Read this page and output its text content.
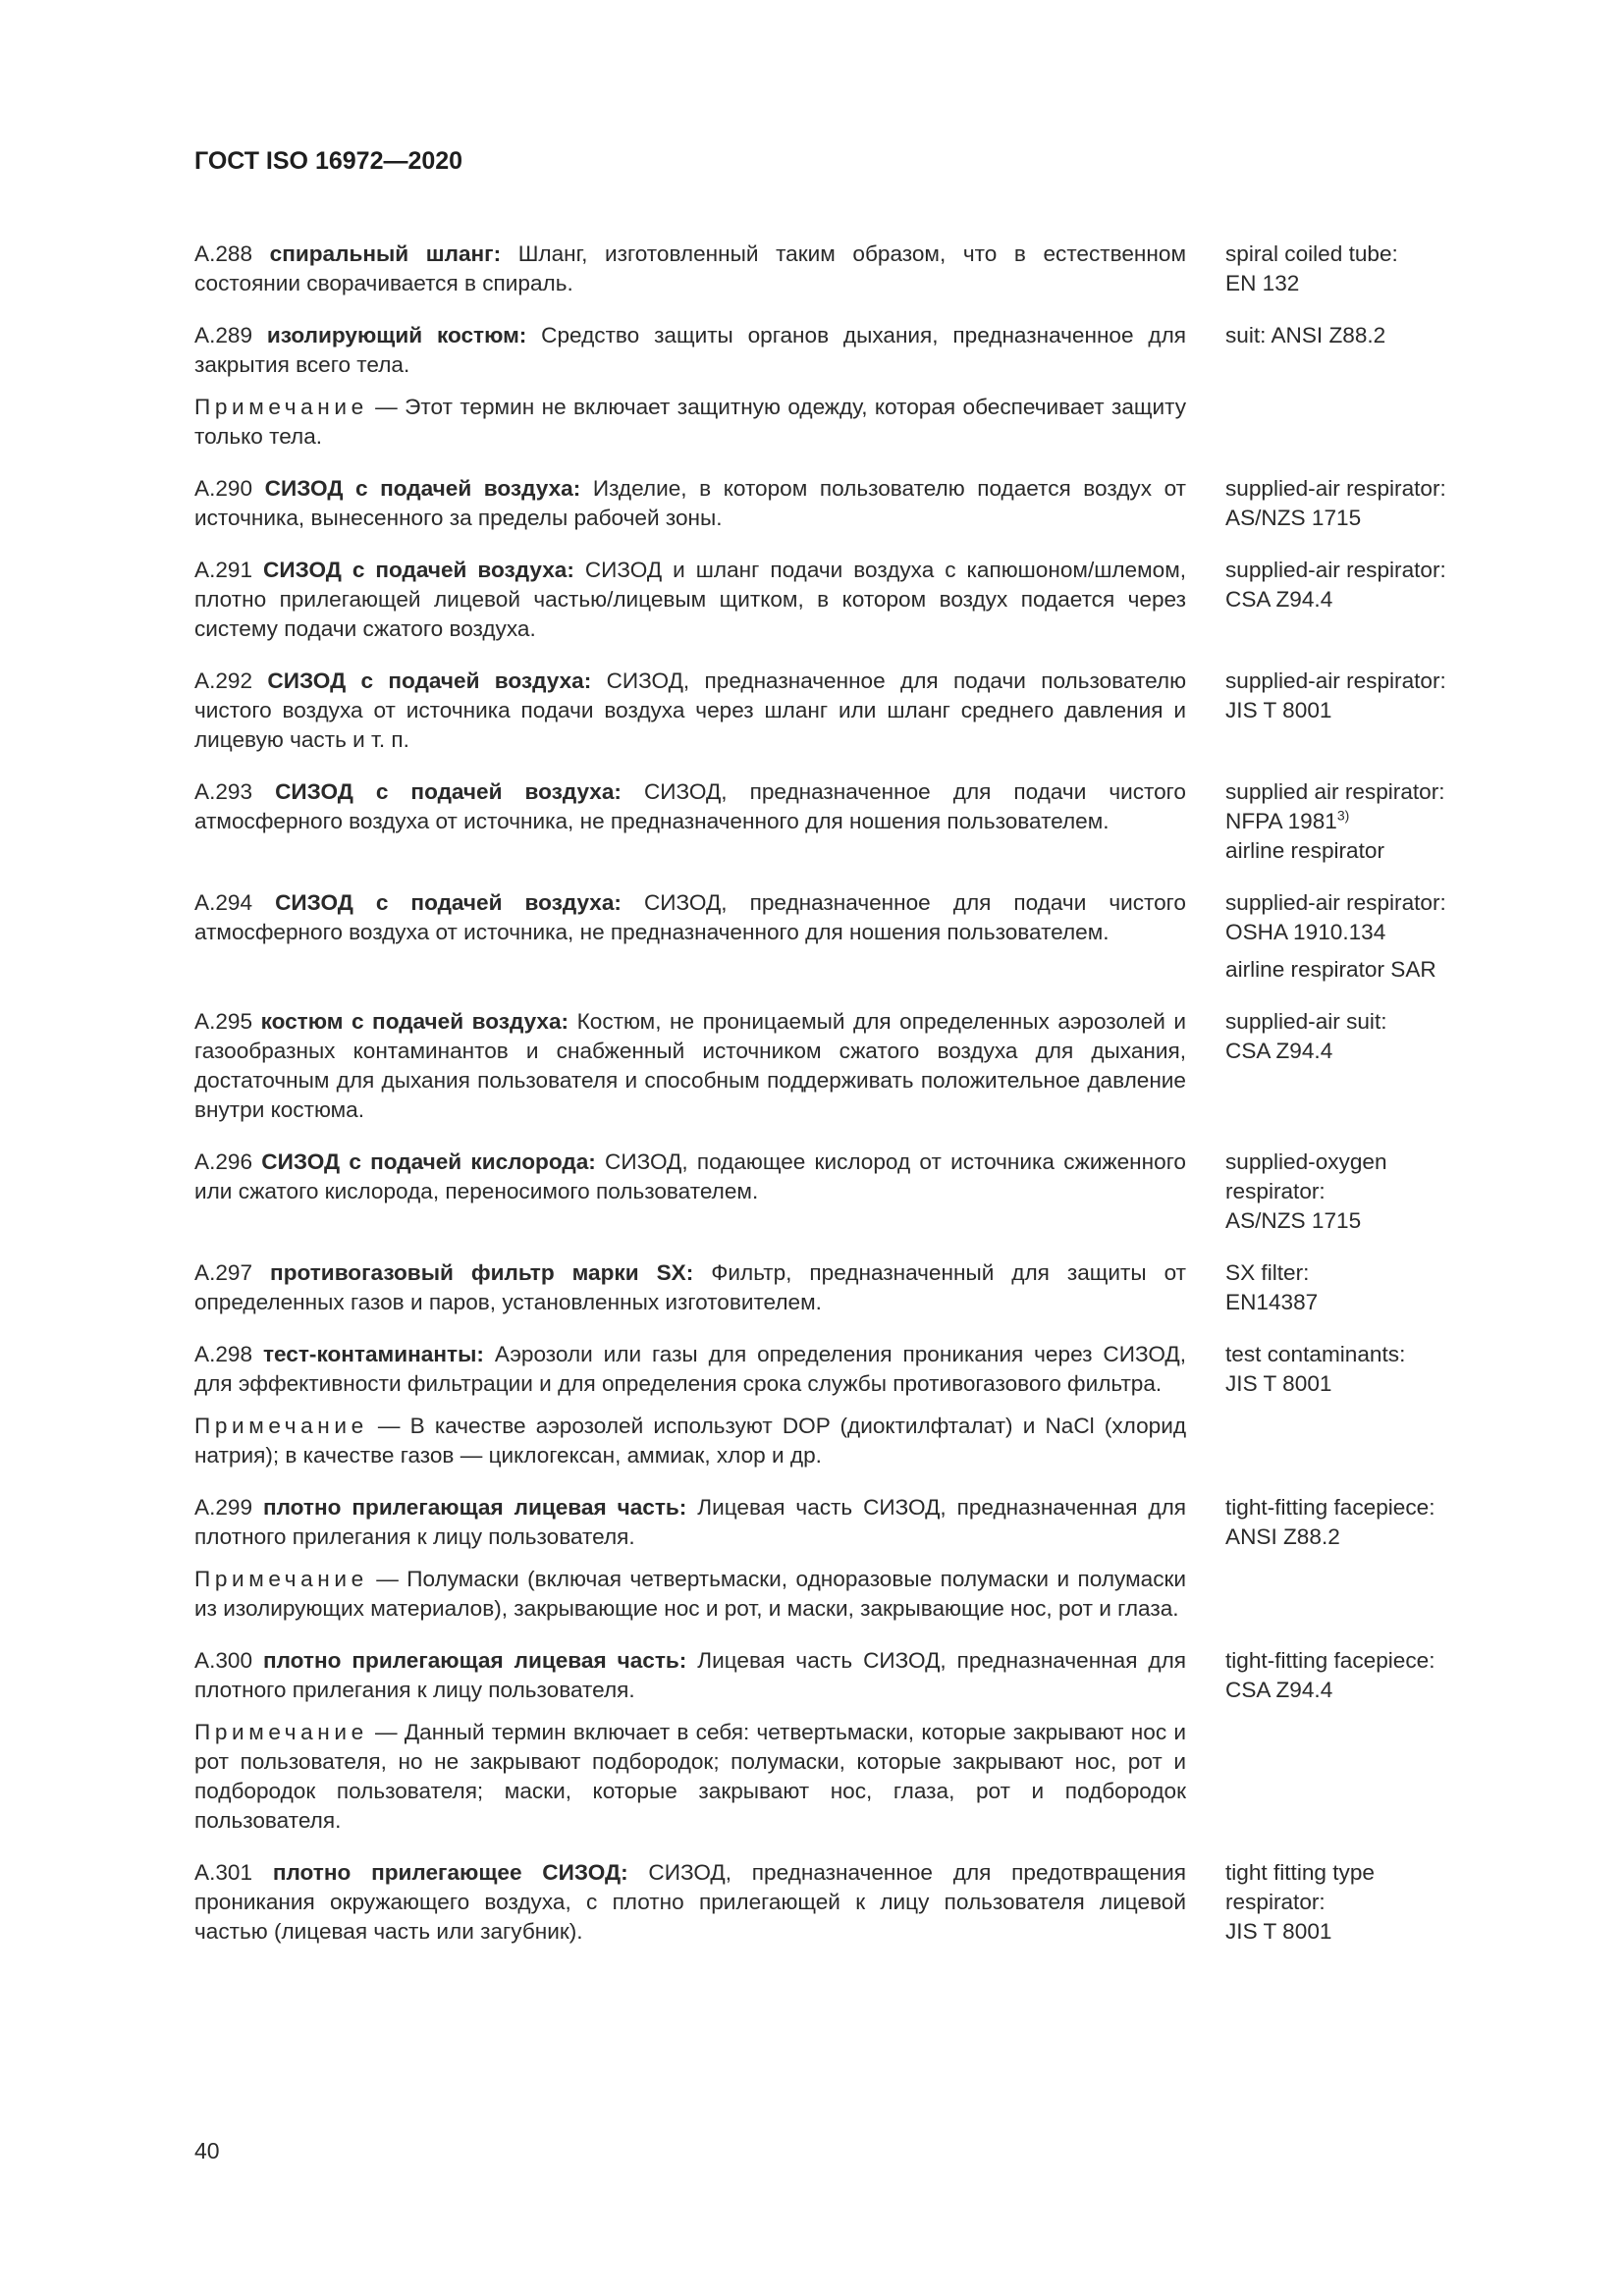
ГОСТ ISO 16972—2020
A.288 спиральный шланг: Шланг, изготовленный таким образом, что в естественном состоянии сворачивается в спираль.
spiral coiled tube:
EN 132
A.289 изолирующий костюм: Средство защиты органов дыхания, предназначенное для закрытия всего тела.
suit: ANSI Z88.2
Примечание — Этот термин не включает защитную одежду, которая обеспечивает защиту только тела.
A.290 СИЗОД с подачей воздуха: Изделие, в котором пользователю подается воздух от источника, вынесенного за пределы рабочей зоны.
supplied-air respirator:
AS/NZS 1715
A.291 СИЗОД с подачей воздуха: СИЗОД и шланг подачи воздуха с капюшоном/шлемом, плотно прилегающей лицевой частью/лицевым щитком, в котором воздух подается через систему подачи сжатого воздуха.
supplied-air respirator:
CSA Z94.4
A.292 СИЗОД с подачей воздуха: СИЗОД, предназначенное для подачи пользователю чистого воздуха от источника подачи воздуха через шланг или шланг среднего давления и лицевую часть и т. п.
supplied-air respirator:
JIS T 8001
A.293 СИЗОД с подачей воздуха: СИЗОД, предназначенное для подачи чистого атмосферного воздуха от источника, не предназначенного для ношения пользователем.
supplied air respirator:
NFPA 1981$^{3)}$
airline respirator
A.294 СИЗОД с подачей воздуха: СИЗОД, предназначенное для подачи чистого атмосферного воздуха от источника, не предназначенного для ношения пользователем.
supplied-air respirator:
OSHA 1910.134
airline respirator SAR
A.295 костюм с подачей воздуха: Костюм, не проницаемый для определенных аэрозолей и газообразных контаминантов и снабженный источником сжатого воздуха для дыхания, достаточным для дыхания пользователя и способным поддерживать положительное давление внутри костюма.
supplied-air suit:
CSA Z94.4
A.296 СИЗОД с подачей кислорода: СИЗОД, подающее кислород от источника сжиженного или сжатого кислорода, переносимого пользователем.
supplied-oxygen
respirator:
AS/NZS 1715
A.297 противогазовый фильтр марки SX: Фильтр, предназначенный для защиты от определенных газов и паров, установленных изготовителем.
SX filter:
EN14387
A.298 тест-контаминанты: Аэрозоли или газы для определения проникания через СИЗОД, для эффективности фильтрации и для определения срока службы противогазового фильтра.
test contaminants:
JIS T 8001
Примечание — В качестве аэрозолей используют DOP (диоктилфталат) и NaCl (хлорид натрия); в качестве газов — циклогексан, аммиак, хлор и др.
A.299 плотно прилегающая лицевая часть: Лицевая часть СИЗОД, предназначенная для плотного прилегания к лицу пользователя.
tight-fitting facepiece:
ANSI Z88.2
Примечание — Полумаски (включая четвертьмаски, одноразовые полумаски и полумаски из изолирующих материалов), закрывающие нос и рот, и маски, закрывающие нос, рот и глаза.
A.300 плотно прилегающая лицевая часть: Лицевая часть СИЗОД, предназначенная для плотного прилегания к лицу пользователя.
tight-fitting facepiece:
CSA Z94.4
Примечание — Данный термин включает в себя: четвертьмаски, которые закрывают нос и рот пользователя, но не закрывают подбородок; полумаски, которые закрывают нос, рот и подбородок пользователя; маски, которые закрывают нос, глаза, рот и подбородок пользователя.
A.301 плотно прилегающее СИЗОД: СИЗОД, предназначенное для предотвращения проникания окружающего воздуха, с плотно прилегающей к лицу пользователя лицевой частью (лицевая часть или загубник).
tight fitting type
respirator:
JIS T 8001

40
